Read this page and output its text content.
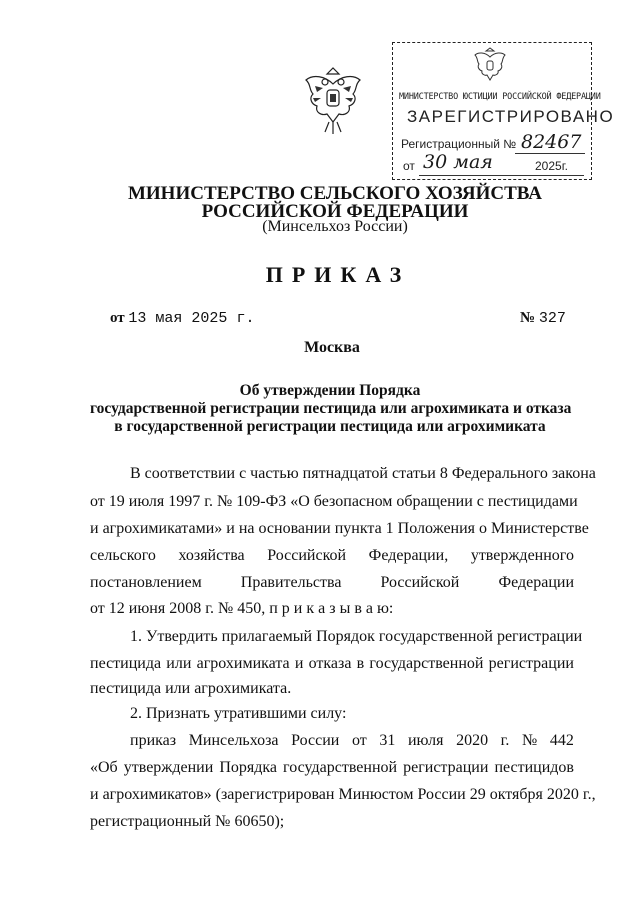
МИНИСТЕРСТВО ЮСТИЦИИ РОССИЙСКОЙ ФЕДЕРАЦИИ
ЗАРЕГИСТРИРОВАНО
Регистрационный № 82467
от 30 мая	2025г.
МИНИСТЕРСТВО СЕЛЬСКОГО ХОЗЯЙСТВА
РОССИЙСКОЙ ФЕДЕРАЦИИ
(Минсельхоз России)
ПРИКАЗ
от 13 мая 2025 г.	№ 327
Москва
Об утверждении Порядка
государственной регистрации пестицида или агрохимиката и отказа
в государственной регистрации пестицида или агрохимиката
В соответствии с частью пятнадцатой статьи 8 Федерального закона
от 19 июля 1997 г. № 109-ФЗ «О безопасном обращении с пестицидами
и агрохимикатами» и на основании пункта 1 Положения о Министерстве
сельского хозяйства Российской Федерации, утвержденного
постановлением Правительства Российской Федерации
от 12 июня 2008 г. № 450, п р и к а з ы в а ю:
1. Утвердить прилагаемый Порядок государственной регистрации
пестицида или агрохимиката и отказа в государственной регистрации
пестицида или агрохимиката.
2. Признать утратившими силу:
приказ Минсельхоза России от 31 июля 2020 г. № 442
«Об утверждении Порядка государственной регистрации пестицидов
и агрохимикатов» (зарегистрирован Минюстом России 29 октября 2020 г.,
регистрационный № 60650);
